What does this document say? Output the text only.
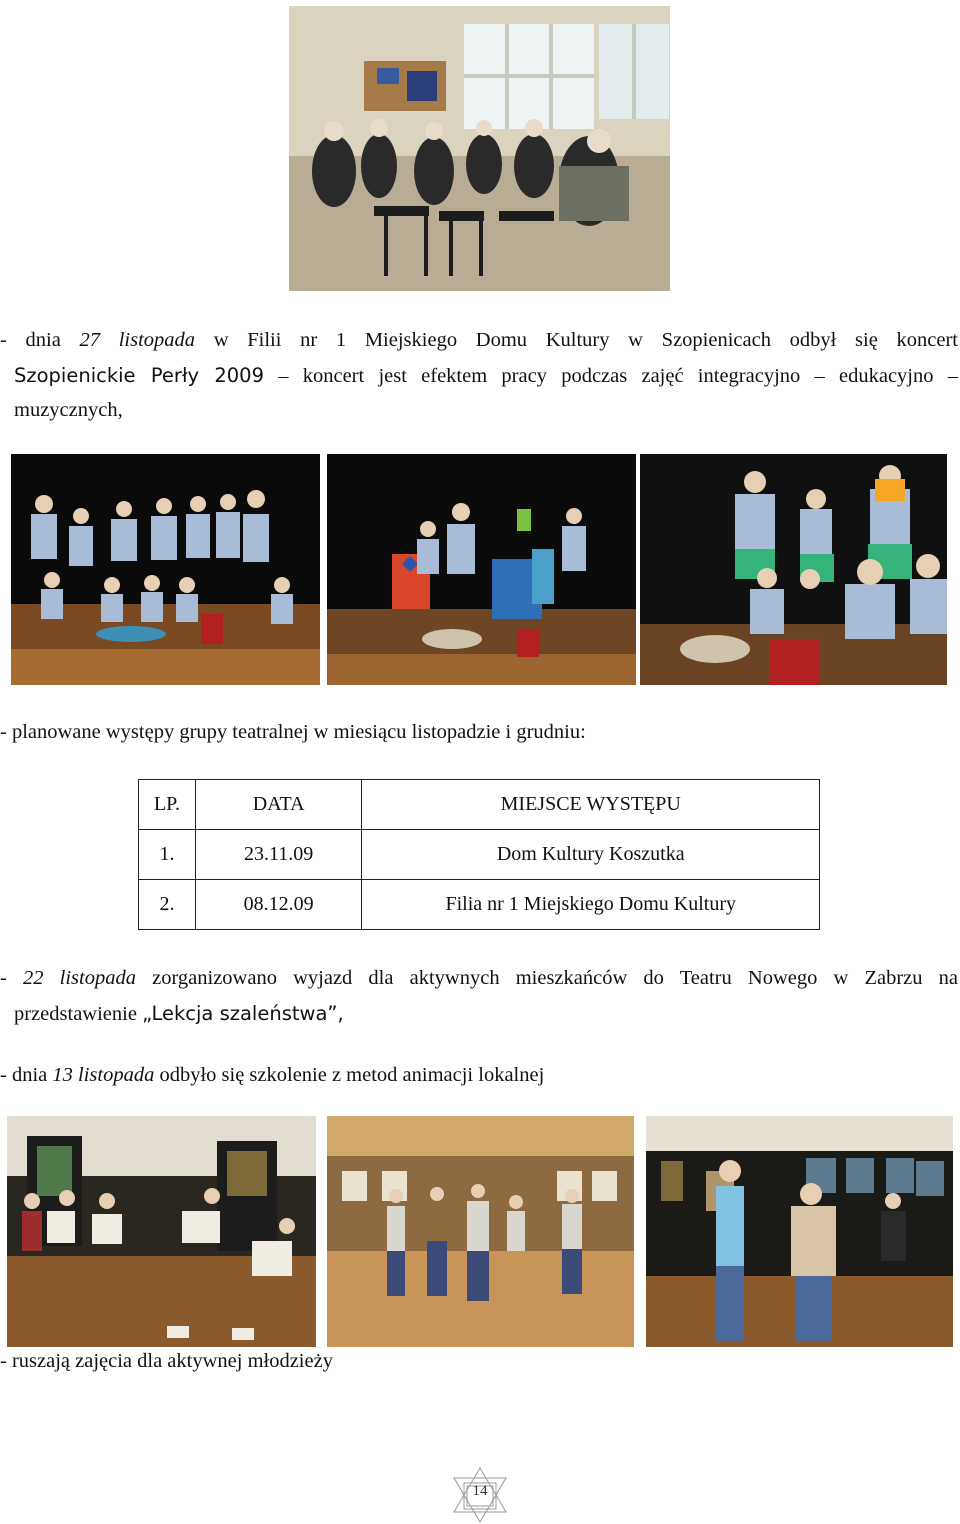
- dnia 27 listopada w Filii nr 1 Miejskiego Domu Kultury w Szopienicach odbył się koncert

Szopienickie Perły 2009 – koncert jest efektem pracy podczas zajęć integracyjno – edukacyjno –

muzycznych,

- planowane występy grupy teatralnej w miesiącu listopadzie i grudniu:

LP.	DATA	MIEJSCE WYSTĘPU
1.	23.11.09	Dom Kultury Koszutka
2.	08.12.09	Filia nr 1 Miejskiego Domu Kultury

- 22 listopada zorganizowano wyjazd dla aktywnych mieszkańców do Teatru Nowego w Zabrzu na

przedstawienie „Lekcja szaleństwa”,

- dnia 13 listopada odbyło się szkolenie z metod animacji lokalnej

- ruszają zajęcia dla aktywnej młodzieży

14
